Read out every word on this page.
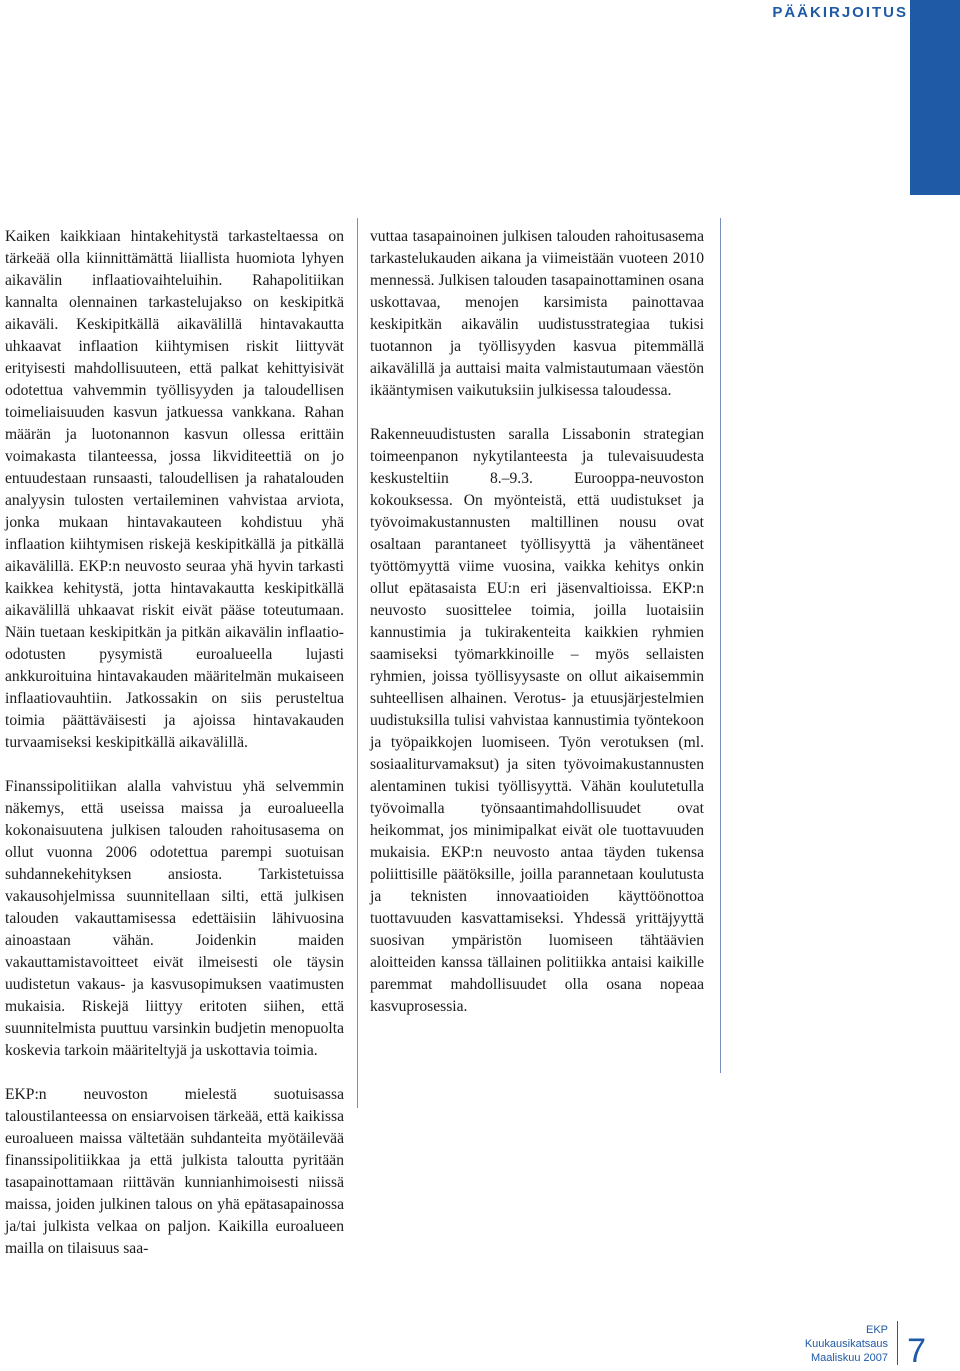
PÄÄKIRJOITUS

Kaiken kaikkiaan hintakehitystä tarkasteltaessa on tärkeää olla kiinnittämättä liiallista huomiota lyhyen aikavälin inflaatiovaihteluihin. Rahapolitiikan kannalta olennainen tarkastelujakso on keskipitkä aikaväli. Keskipitkällä aikavälillä hintavakautta uhkaavat inflaation kiihtymisen riskit liittyvät erityisesti mahdollisuuteen, että palkat kehittyisivät odotettua vahvemmin työllisyyden ja taloudellisen toimeliaisuuden kasvun jatkuessa vankkana. Rahan määrän ja luotonannon kasvun ollessa erittäin voimakasta tilanteessa, jossa likviditeettiä on jo entuudestaan runsaasti, taloudellisen ja rahatalouden analyysin tulosten vertaileminen vahvistaa arviota, jonka mukaan hintavakauteen kohdistuu yhä inflaation kiihtymisen riskejä keskipitkällä ja pitkällä aikavälillä. EKP:n neuvosto seuraa yhä hyvin tarkasti kaikkea kehitystä, jotta hintavakautta keskipitkällä aikavälillä uhkaavat riskit eivät pääse toteutumaan. Näin tuetaan keskipitkän ja pitkän aikavälin inflaatio-odotusten pysymistä euroalueella lujasti ankkuroituina hintavakauden määritelmän mukaiseen inflaatiovauhtiin. Jatkossakin on siis perusteltua toimia päättäväisesti ja ajoissa hintavakauden turvaamiseksi keskipitkällä aikavälillä.

Finanssipolitiikan alalla vahvistuu yhä selvemmin näkemys, että useissa maissa ja euroalueella kokonaisuutena julkisen talouden rahoitusasema on ollut vuonna 2006 odotettua parempi suotuisan suhdannekehityksen ansiosta. Tarkistetuissa vakausohjelmissa suunnitellaan silti, että julkisen talouden vakauttamisessa edettäisiin lähivuosina ainoastaan vähän. Joidenkin maiden vakauttamistavoitteet eivät ilmeisesti ole täysin uudistetun vakaus- ja kasvusopimuksen vaatimusten mukaisia. Riskejä liittyy eritoten siihen, että suunnitelmista puuttuu varsinkin budjetin menopuolta koskevia tarkoin määriteltyjä ja uskottavia toimia.

EKP:n neuvoston mielestä suotuisassa taloustilanteessa on ensiarvoisen tärkeää, että kaikissa euroalueen maissa vältetään suhdanteita myötäilevää finanssipolitiikkaa ja että julkista taloutta pyritään tasapainottamaan riittävän kunnianhimoisesti niissä maissa, joiden julkinen talous on yhä epätasapainossa ja/tai julkista velkaa on paljon. Kaikilla euroalueen mailla on tilaisuus saa-

vuttaa tasapainoinen julkisen talouden rahoitusasema tarkastelukauden aikana ja viimeistään vuoteen 2010 mennessä. Julkisen talouden tasapainottaminen osana uskottavaa, menojen karsimista painottavaa keskipitkän aikavälin uudistusstrategiaa tukisi tuotannon ja työllisyyden kasvua pitemmällä aikavälillä ja auttaisi maita valmistautumaan väestön ikääntymisen vaikutuksiin julkisessa taloudessa.

Rakenneuudistusten saralla Lissabonin strategian toimeenpanon nykytilanteesta ja tulevaisuudesta keskusteltiin 8.–9.3. Eurooppa-neuvoston kokouksessa. On myönteistä, että uudistukset ja työvoimakustannusten maltillinen nousu ovat osaltaan parantaneet työllisyyttä ja vähentäneet työttömyyttä viime vuosina, vaikka kehitys onkin ollut epätasaista EU:n eri jäsenvaltioissa. EKP:n neuvosto suosittelee toimia, joilla luotaisiin kannustimia ja tukirakenteita kaikkien ryhmien saamiseksi työmarkkinoille – myös sellaisten ryhmien, joissa työllisyysaste on ollut aikaisemmin suhteellisen alhainen. Verotus- ja etuusjärjestelmien uudistuksilla tulisi vahvistaa kannustimia työntekoon ja työpaikkojen luomiseen. Työn verotuksen (ml. sosiaaliturvamaksut) ja siten työvoimakustannusten alentaminen tukisi työllisyyttä. Vähän koulutetulla työvoimalla työnsaantimahdollisuudet ovat heikommat, jos minimipalkat eivät ole tuottavuuden mukaisia. EKP:n neuvosto antaa täyden tukensa poliittisille päätöksille, joilla parannetaan koulutusta ja teknisten innovaatioiden käyttöönottoa tuottavuuden kasvattamiseksi. Yhdessä yrittäjyyttä suosivan ympäristön luomiseen tähtäävien aloitteiden kanssa tällainen politiikka antaisi kaikille paremmat mahdollisuudet olla osana nopeaa kasvuprosessia.

EKP
Kuukausikatsaus
Maaliskuu 2007 7
